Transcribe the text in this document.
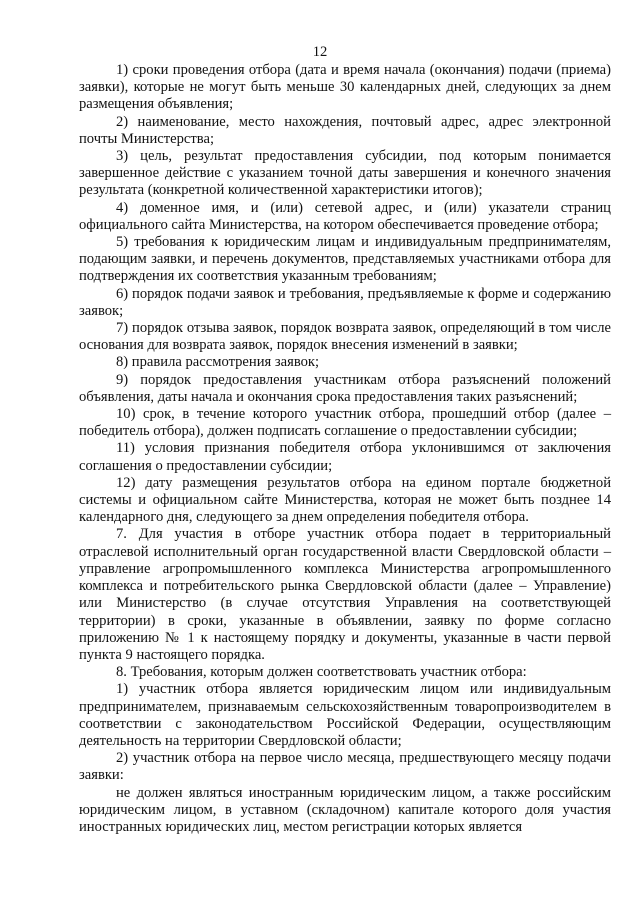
12

1) сроки проведения отбора (дата и время начала (окончания) подачи (приема) заявки), которые не могут быть меньше 30 календарных дней, следующих за днем размещения объявления;

2) наименование, место нахождения, почтовый адрес, адрес электронной почты Министерства;

3) цель, результат предоставления субсидии, под которым понимается завершенное действие с указанием точной даты завершения и конечного значения результата (конкретной количественной характеристики итогов);

4) доменное имя, и (или) сетевой адрес, и (или) указатели страниц официального сайта Министерства, на котором обеспечивается проведение отбора;

5) требования к юридическим лицам и индивидуальным предпринимателям, подающим заявки, и перечень документов, представляемых участниками отбора для подтверждения их соответствия указанным требованиям;

6) порядок подачи заявок и требования, предъявляемые к форме и содержанию заявок;

7) порядок отзыва заявок, порядок возврата заявок, определяющий в том числе основания для возврата заявок, порядок внесения изменений в заявки;

8) правила рассмотрения заявок;

9) порядок предоставления участникам отбора разъяснений положений объявления, даты начала и окончания срока предоставления таких разъяснений;

10) срок, в течение которого участник отбора, прошедший отбор (далее – победитель отбора), должен подписать соглашение о предоставлении субсидии;

11) условия признания победителя отбора уклонившимся от заключения соглашения о предоставлении субсидии;

12) дату размещения результатов отбора на едином портале бюджетной системы и официальном сайте Министерства, которая не может быть позднее 14 календарного дня, следующего за днем определения победителя отбора.

7. Для участия в отборе участник отбора подает в территориальный отраслевой исполнительный орган государственной власти Свердловской области – управление агропромышленного комплекса Министерства агропромышленного комплекса и потребительского рынка Свердловской области (далее – Управление) или Министерство (в случае отсутствия Управления на соответствующей территории) в сроки, указанные в объявлении, заявку по форме согласно приложению № 1 к настоящему порядку и документы, указанные в части первой пункта 9 настоящего порядка.

8. Требования, которым должен соответствовать участник отбора:

1) участник отбора является юридическим лицом или индивидуальным предпринимателем, признаваемым сельскохозяйственным товаропроизводителем в соответствии с законодательством Российской Федерации, осуществляющим деятельность на территории Свердловской области;

2) участник отбора на первое число месяца, предшествующего месяцу подачи заявки:

не должен являться иностранным юридическим лицом, а также российским юридическим лицом, в уставном (складочном) капитале которого доля участия иностранных юридических лиц, местом регистрации которых является
